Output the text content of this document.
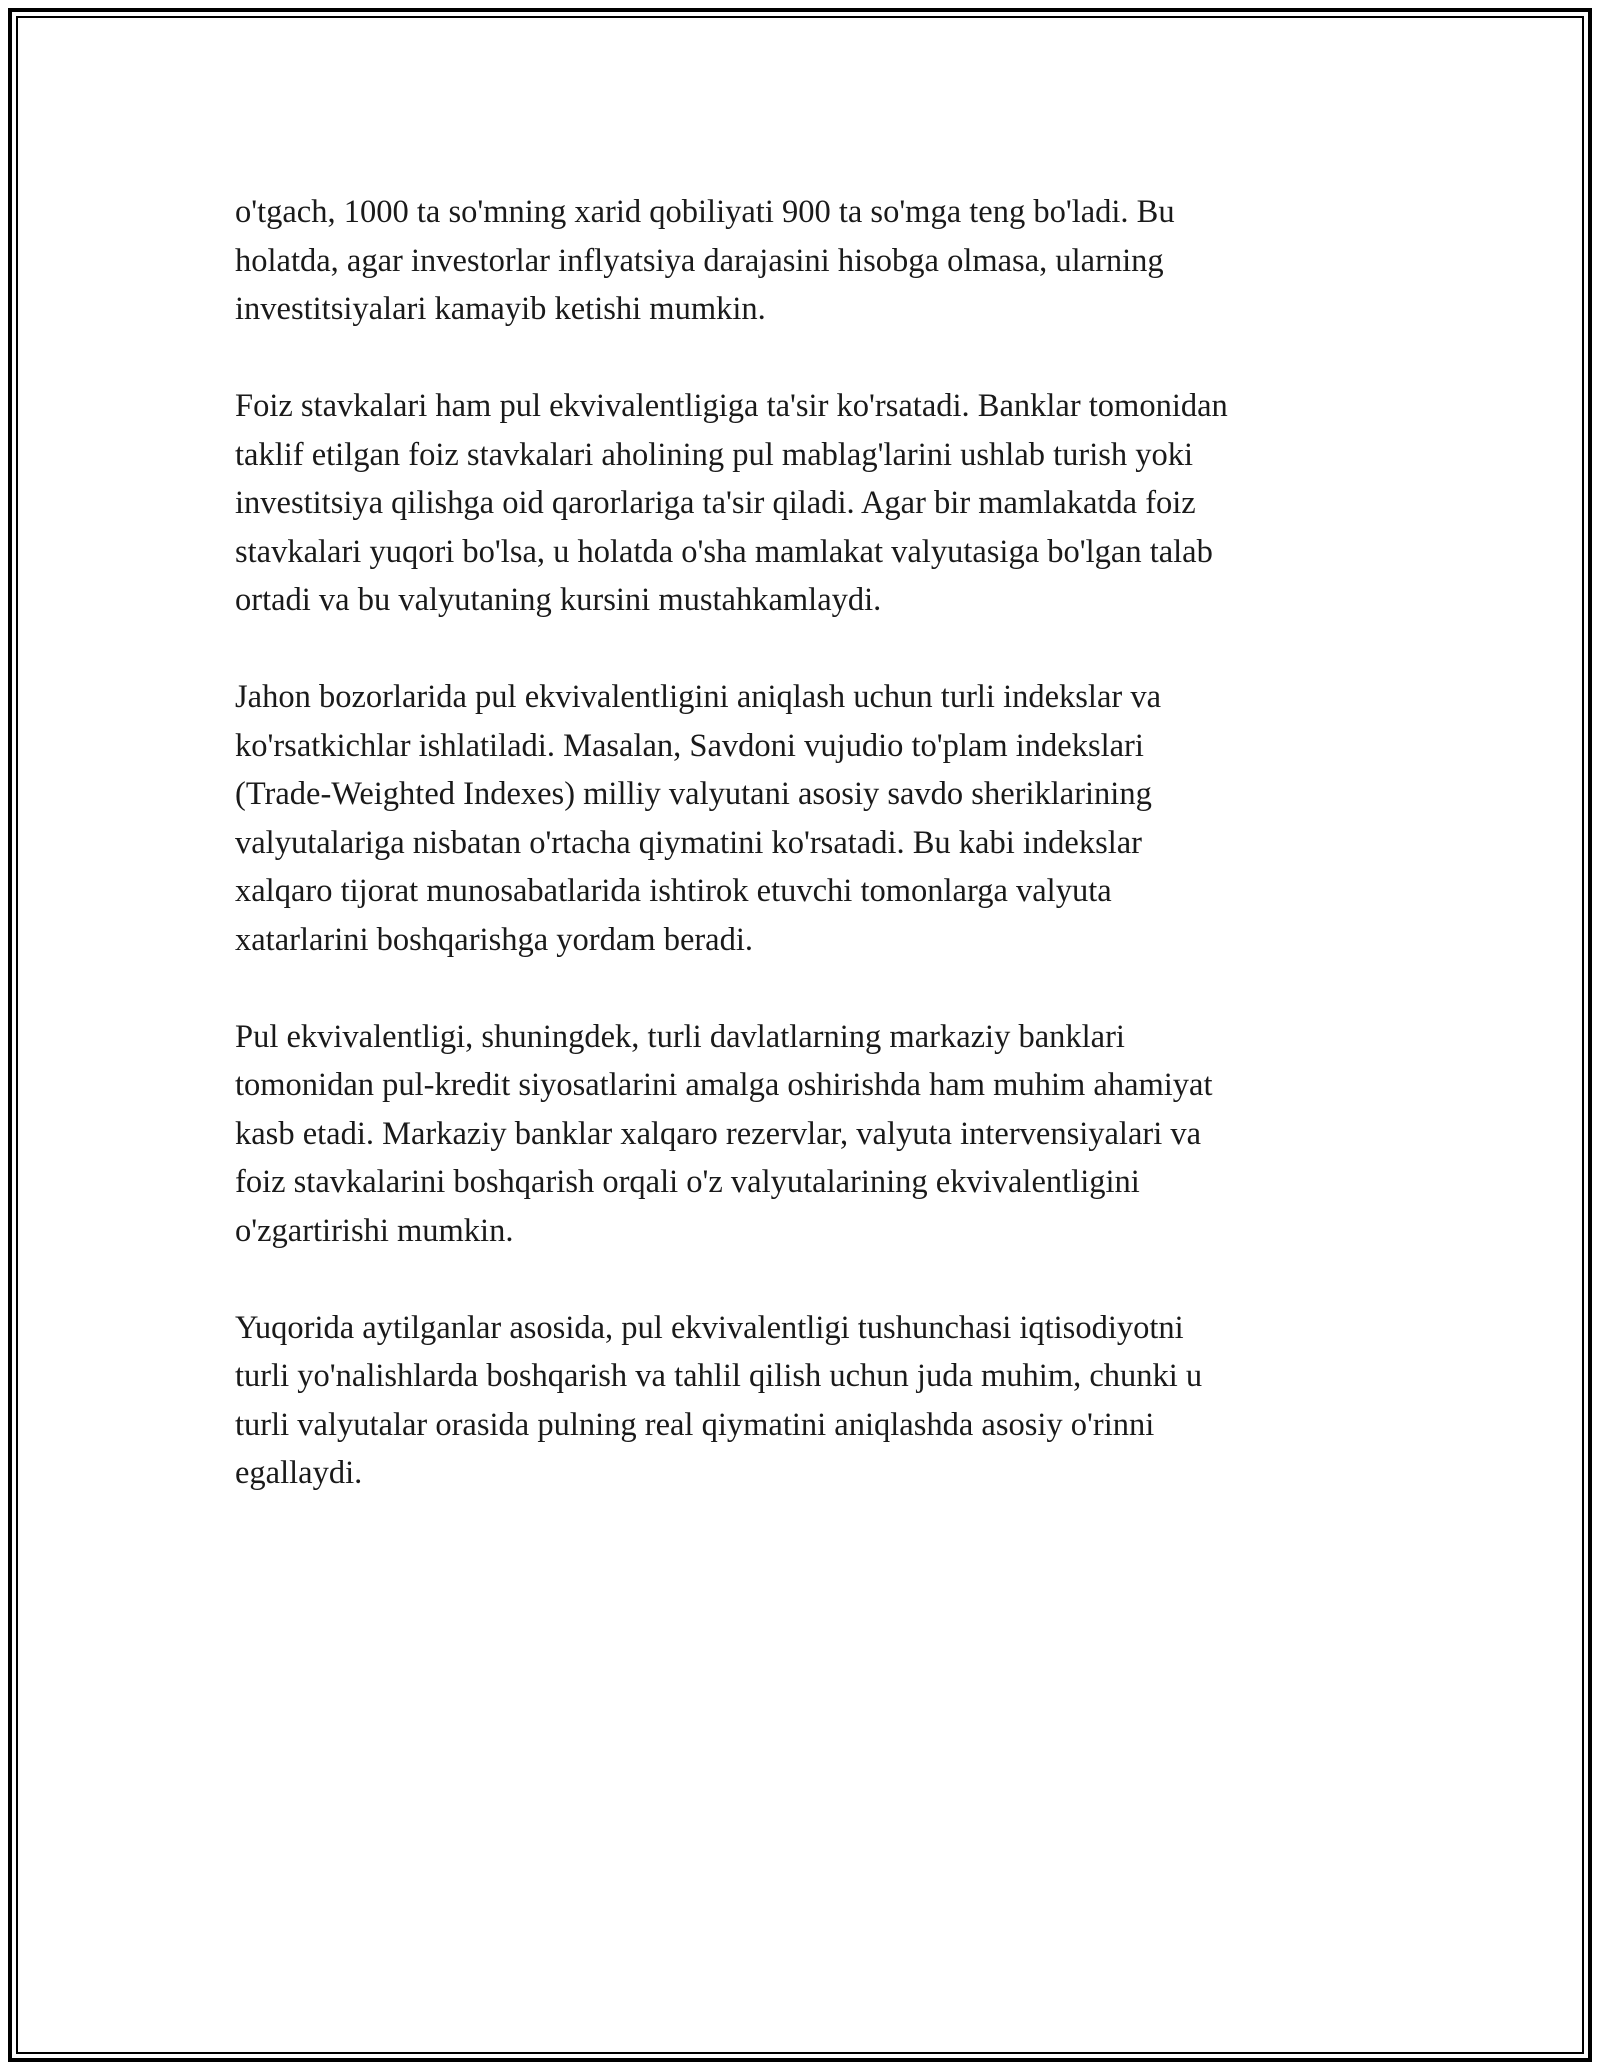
o'tgach, 1000 ta so'mning xarid qobiliyati 900 ta so'mga teng bo'ladi. Bu
holatda, agar investorlar inflyatsiya darajasini hisobga olmasa, ularning
investitsiyalari kamayib ketishi mumkin.

Foiz stavkalari ham pul ekvivalentligiga ta'sir ko'rsatadi. Banklar tomonidan
taklif etilgan foiz stavkalari aholining pul mablag'larini ushlab turish yoki
investitsiya qilishga oid qarorlariga ta'sir qiladi. Agar bir mamlakatda foiz
stavkalari yuqori bo'lsa, u holatda o'sha mamlakat valyutasiga bo'lgan talab
ortadi va bu valyutaning kursini mustahkamlaydi.

Jahon bozorlarida pul ekvivalentligini aniqlash uchun turli indekslar va
ko'rsatkichlar ishlatiladi. Masalan, Savdoni vujudio to'plam indekslari
(Trade-Weighted Indexes) milliy valyutani asosiy savdo sheriklarining
valyutalariga nisbatan o'rtacha qiymatini ko'rsatadi. Bu kabi indekslar
xalqaro tijorat munosabatlarida ishtirok etuvchi tomonlarga valyuta
xatarlarini boshqarishga yordam beradi.

Pul ekvivalentligi, shuningdek, turli davlatlarning markaziy banklari
tomonidan pul-kredit siyosatlarini amalga oshirishda ham muhim ahamiyat
kasb etadi. Markaziy banklar xalqaro rezervlar, valyuta intervensiyalari va
foiz stavkalarini boshqarish orqali o'z valyutalarining ekvivalentligini
o'zgartirishi mumkin.

Yuqorida aytilganlar asosida, pul ekvivalentligi tushunchasi iqtisodiyotni
turli yo'nalishlarda boshqarish va tahlil qilish uchun juda muhim, chunki u
turli valyutalar orasida pulning real qiymatini aniqlashda asosiy o'rinni
egallaydi.
